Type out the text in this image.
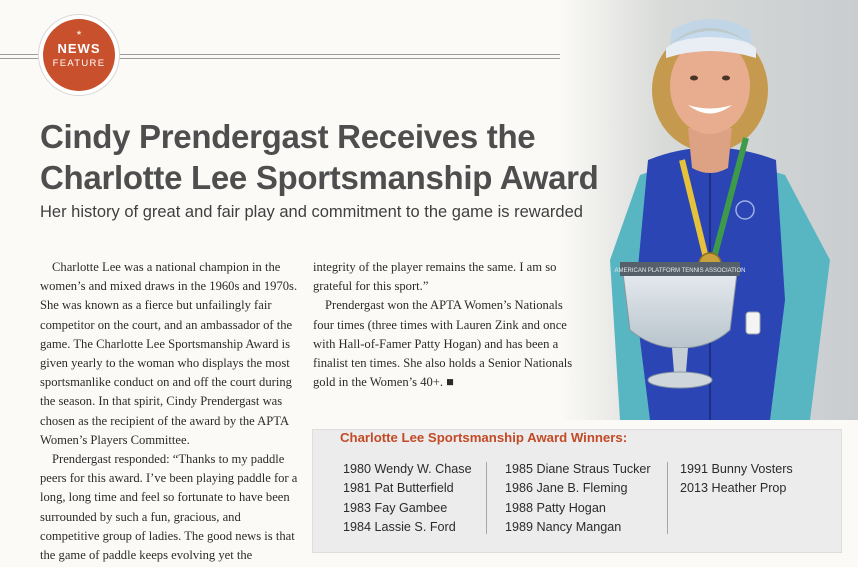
★
NEWS
FEATURE
AMERICAN PLATFORM TENNIS ASSOCIATION
Cindy Prendergast Receives the
Charlotte Lee Sportsmanship Award
Her history of great and fair play and commitment to the game is rewarded

Charlotte Lee was a national champion in the women’s and mixed draws in the 1960s and 1970s. She was known as a fierce but unfailingly fair competitor on the court, and an ambassador of the game. The Charlotte Lee Sportsmanship Award is given yearly to the woman who displays the most sportsmanlike conduct on and off the court during the season. In that spirit, Cindy Prendergast was chosen as the recipient of the award by the APTA Women’s Players Committee.

Prendergast responded: “Thanks to my paddle peers for this award. I’ve been playing paddle for a long, long time and feel so fortunate to have been surrounded by such a fun, gracious, and competitive group of ladies. The good news is that the game of paddle keeps evolving yet the

integrity of the player remains the same. I am so grateful for this sport.”

Prendergast won the APTA Women’s Nationals four times (three times with Lauren Zink and once with Hall-of-Famer Patty Hogan) and has been a finalist ten times. She also holds a Senior Nationals gold in the Women’s 40+. ■

Charlotte Lee Sportsmanship Award Winners:
1980 Wendy W. Chase
1981 Pat Butterfield
1983 Fay Gambee
1984 Lassie S. Ford
1985 Diane Straus Tucker
1986 Jane B. Fleming
1988 Patty Hogan
1989 Nancy Mangan
1991 Bunny Vosters
2013 Heather Prop
